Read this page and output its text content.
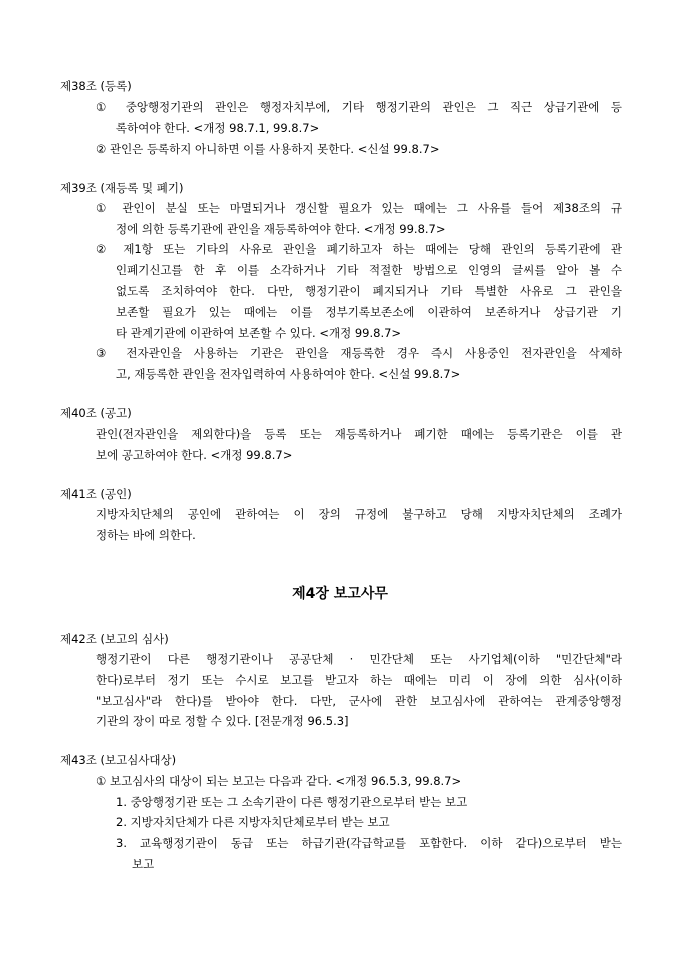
제38조 (등록)
① 중앙행정기관의 관인은 행정자치부에, 기타 행정기관의 관인은 그 직근 상급기관에 등
록하여야 한다. <개정 98.7.1, 99.8.7>
② 관인은 등록하지 아니하면 이를 사용하지 못한다. <신설 99.8.7>
제39조 (재등록 및 폐기)
① 관인이 분실 또는 마멸되거나 갱신할 필요가 있는 때에는 그 사유를 들어 제38조의 규
정에 의한 등록기관에 관인을 재등록하여야 한다. <개정 99.8.7>
② 제1항 또는 기타의 사유로 관인을 폐기하고자 하는 때에는 당해 관인의 등록기관에 관
인폐기신고를 한 후 이를 소각하거나 기타 적절한 방법으로 인영의 글씨를 알아 볼 수
없도록 조치하여야 한다. 다만, 행정기관이 폐지되거나 기타 특별한 사유로 그 관인을
보존할 필요가 있는 때에는 이를 정부기록보존소에 이관하여 보존하거나 상급기관 기
타 관계기관에 이관하여 보존할 수 있다. <개정 99.8.7>
③ 전자관인을 사용하는 기관은 관인을 재등록한 경우 즉시 사용중인 전자관인을 삭제하
고, 재등록한 관인을 전자입력하여 사용하여야 한다. <신설 99.8.7>
제40조 (공고)
관인(전자관인을 제외한다)을 등록 또는 재등록하거나 폐기한 때에는 등록기관은 이를 관
보에 공고하여야 한다. <개정 99.8.7>
제41조 (공인)
지방자치단체의 공인에 관하여는 이 장의 규정에 불구하고 당해 지방자치단체의 조례가
정하는 바에 의한다.
제4장 보고사무
제42조 (보고의 심사)
행정기관이 다른 행정기관이나 공공단체 · 민간단체 또는 사기업체(이하 "민간단체"라
한다)로부터 정기 또는 수시로 보고를 받고자 하는 때에는 미리 이 장에 의한 심사(이하
"보고심사"라 한다)를 받아야 한다. 다만, 군사에 관한 보고심사에 관하여는 관계중앙행정
기관의 장이 따로 정할 수 있다. [전문개정 96.5.3]
제43조 (보고심사대상)
① 보고심사의 대상이 되는 보고는 다음과 같다. <개정 96.5.3, 99.8.7>
1. 중앙행정기관 또는 그 소속기관이 다른 행정기관으로부터 받는 보고
2. 지방자치단체가 다른 지방자치단체로부터 받는 보고
3. 교육행정기관이 동급 또는 하급기관(각급학교를 포함한다. 이하 같다)으로부터 받는
보고
